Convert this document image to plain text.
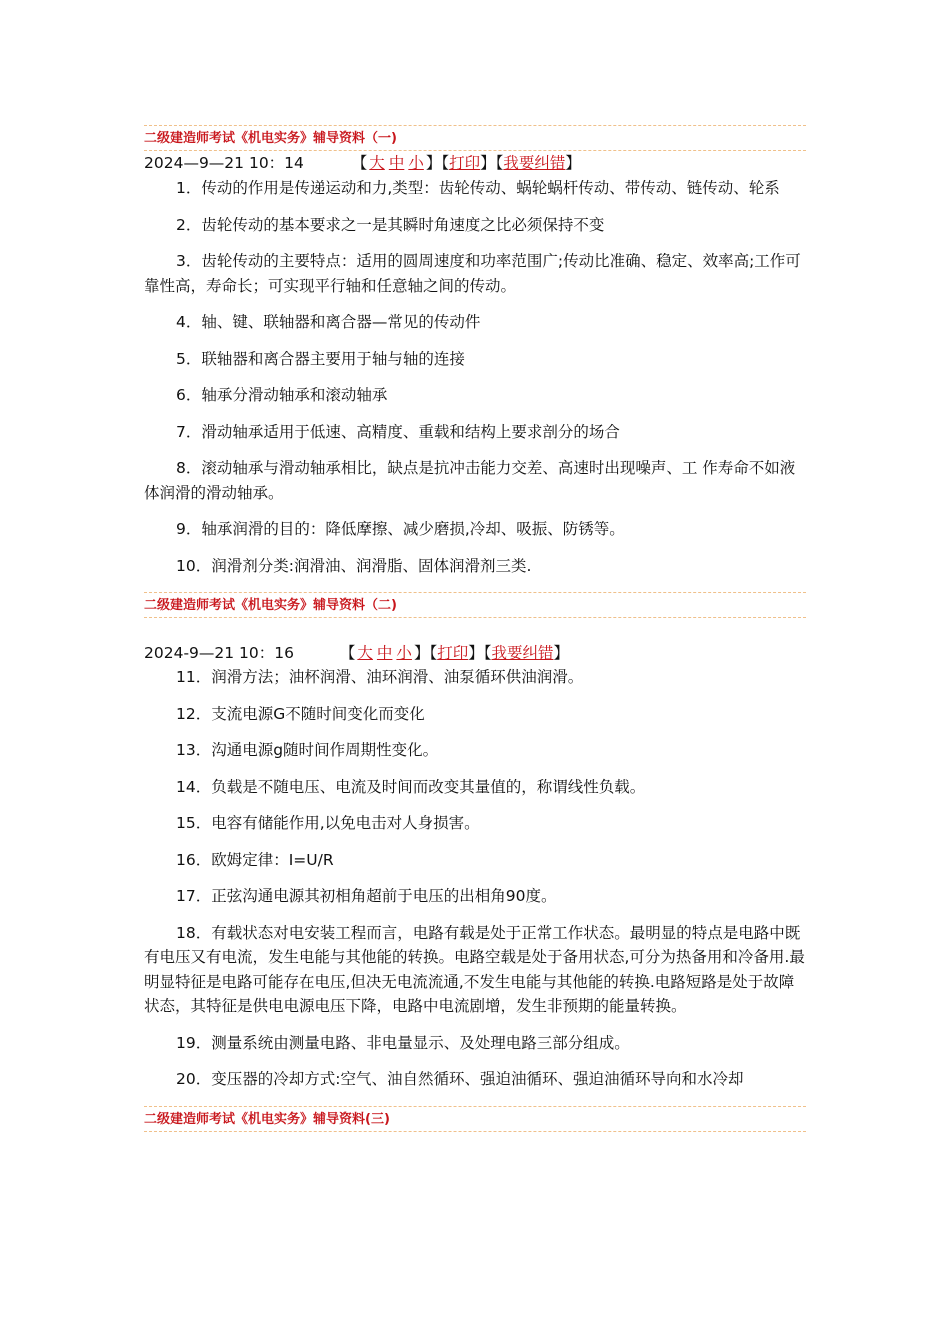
二级建造师考试《机电实务》辅导资料（一)
2024—9—21 10：14	【 大 中 小 】【打印】【我要纠错】

1．传动的作用是传递运动和力,类型：齿轮传动、蜗轮蜗杆传动、带传动、链传动、轮系

2．齿轮传动的基本要求之一是其瞬时角速度之比必须保持不变

3．齿轮传动的主要特点：适用的圆周速度和功率范围广;传动比准确、稳定、效率高;工作可靠性高，寿命长；可实现平行轴和任意轴之间的传动。

4．轴、键、联轴器和离合器—常见的传动件

5．联轴器和离合器主要用于轴与轴的连接

6．轴承分滑动轴承和滚动轴承

7．滑动轴承适用于低速、高精度、重载和结构上要求剖分的场合

8．滚动轴承与滑动轴承相比，缺点是抗冲击能力交差、高速时出现噪声、工 作寿命不如液体润滑的滑动轴承。

9．轴承润滑的目的：降低摩擦、减少磨损,冷却、吸振、防锈等。

10．润滑剂分类:润滑油、润滑脂、固体润滑剂三类.

二级建造师考试《机电实务》辅导资料（二)
2024-9—21 10：16	【 大 中 小 】【打印】【我要纠错】

11．润滑方法；油杯润滑、油环润滑、油泵循环供油润滑。

12．支流电源G不随时间变化而变化

13．沟通电源g随时间作周期性变化。

14．负载是不随电压、电流及时间而改变其量值的，称谓线性负载。

15．电容有储能作用,以免电击对人身损害。

16．欧姆定律：I=U/R

17．正弦沟通电源其初相角超前于电压的出相角90度。

18．有载状态对电安装工程而言，电路有载是处于正常工作状态。最明显的特点是电路中既有电压又有电流，发生电能与其他能的转换。电路空载是处于备用状态,可分为热备用和冷备用.最明显特征是电路可能存在电压,但决无电流流通,不发生电能与其他能的转换.电路短路是处于故障状态，其特征是供电电源电压下降，电路中电流剧增，发生非预期的能量转换。

19．测量系统由测量电路、非电量显示、及处理电路三部分组成。

20．变压器的冷却方式:空气、油自然循环、强迫油循环、强迫油循环导向和水冷却

二级建造师考试《机电实务》辅导资料(三)
